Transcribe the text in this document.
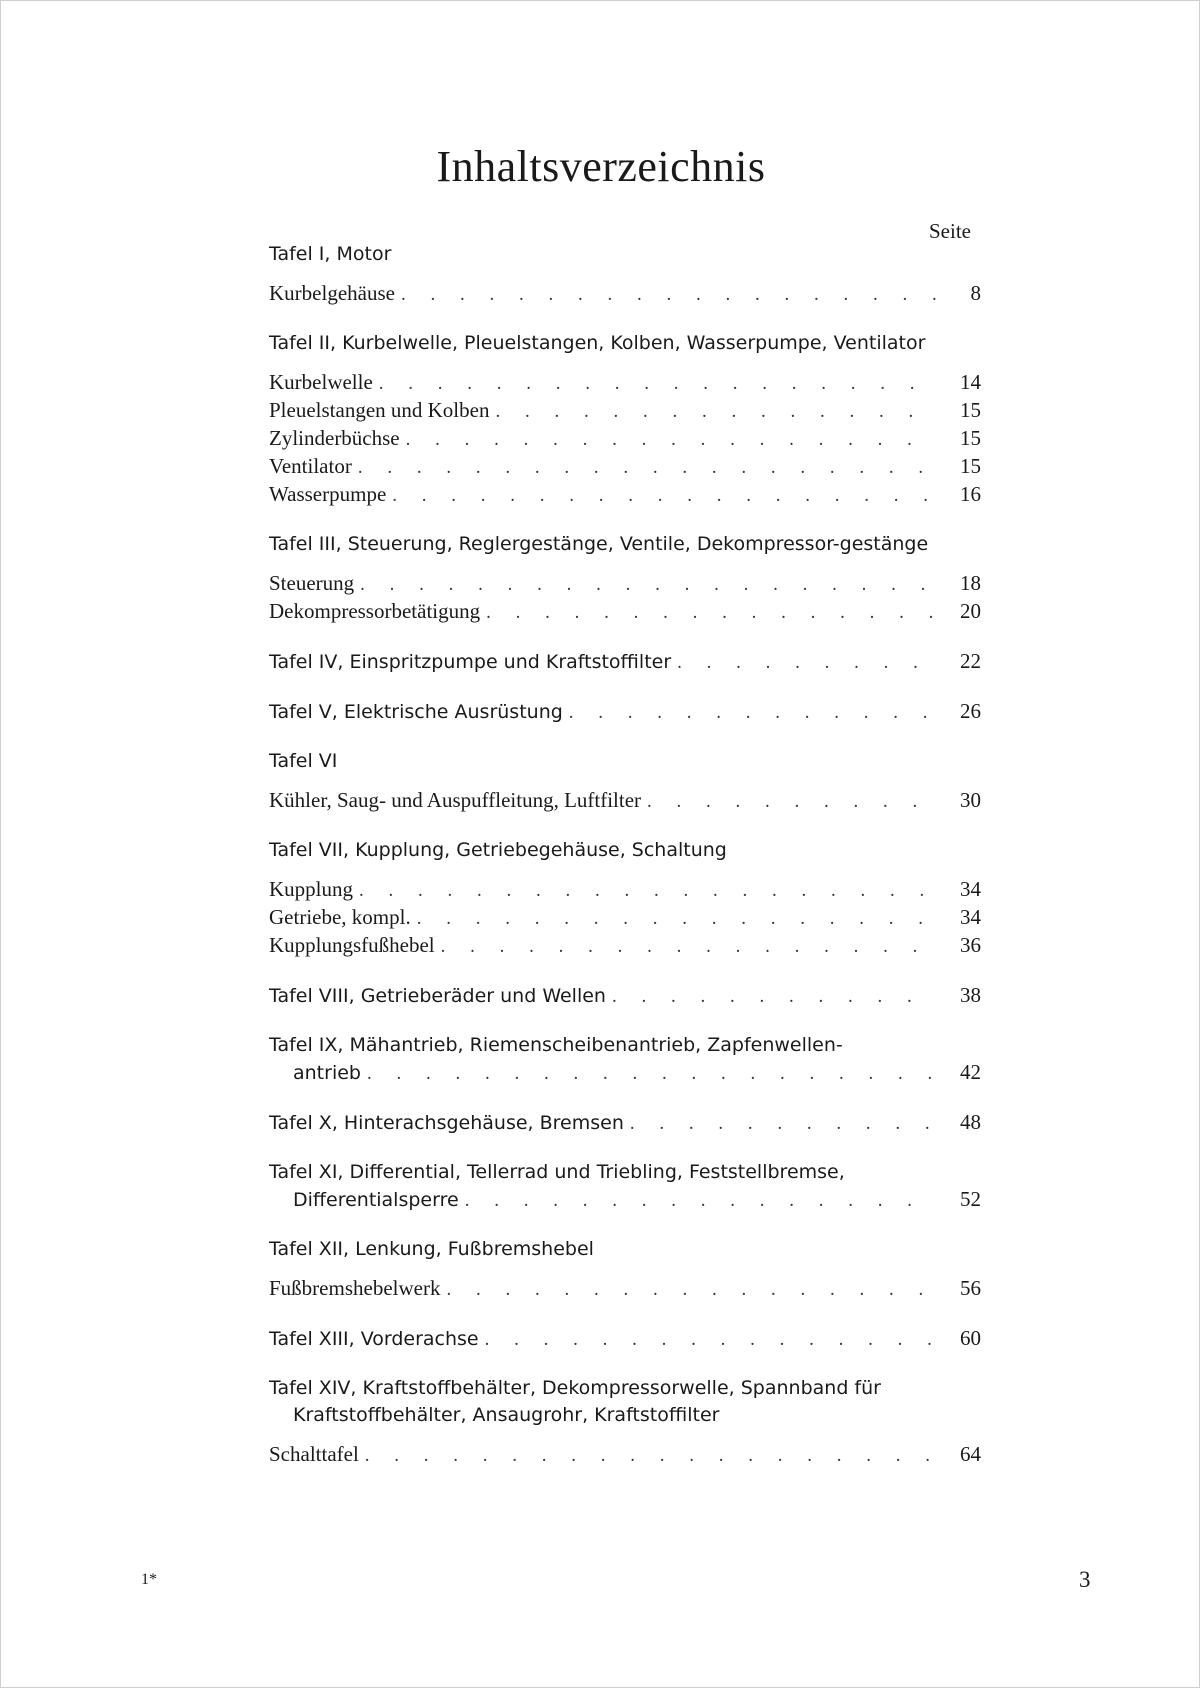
Inhaltsverzeichnis
Seite
Tafel I, Motor
Kurbelgehäuse . . .	8
Tafel II, Kurbelwelle, Pleuelstangen, Kolben, Wasserpumpe, Ventilator
Kurbelwelle . . .	14
Pleuelstangen und Kolben . . .	15
Zylinderbüchse . . .	15
Ventilator . . .	15
Wasserpumpe . . .	16
Tafel III, Steuerung, Reglergestänge, Ventile, Dekompressor-gestänge
Steuerung . . .	18
Dekompressorbetätigung . . .	20
Tafel IV, Einspritzpumpe und Kraftstoffilter . . .	22
Tafel V, Elektrische Ausrüstung . . .	26
Tafel VI
Kühler, Saug- und Auspuffleitung, Luftfilter . . .	30
Tafel VII, Kupplung, Getriebegehäuse, Schaltung
Kupplung . . .	34
Getriebe, kompl. . . .	34
Kupplungsfußhebel . . .	36
Tafel VIII, Getrieberäder und Wellen . . .	38
Tafel IX, Mähantrieb, Riemenscheibenantrieb, Zapfenwellen-
antrieb . . .	42
Tafel X, Hinterachsgehäuse, Bremsen . . .	48
Tafel XI, Differential, Tellerrad und Triebling, Feststellbremse,
Differentialsperre . . .	52
Tafel XII, Lenkung, Fußbremshebel
Fußbremshebelwerk . . .	56
Tafel XIII, Vorderachse . . .	60
Tafel XIV, Kraftstoffbehälter, Dekompressorwelle, Spannband für Kraftstoffbehälter, Ansaugrohr, Kraftstoffilter
Schalttafel . . .	64
1*	3
